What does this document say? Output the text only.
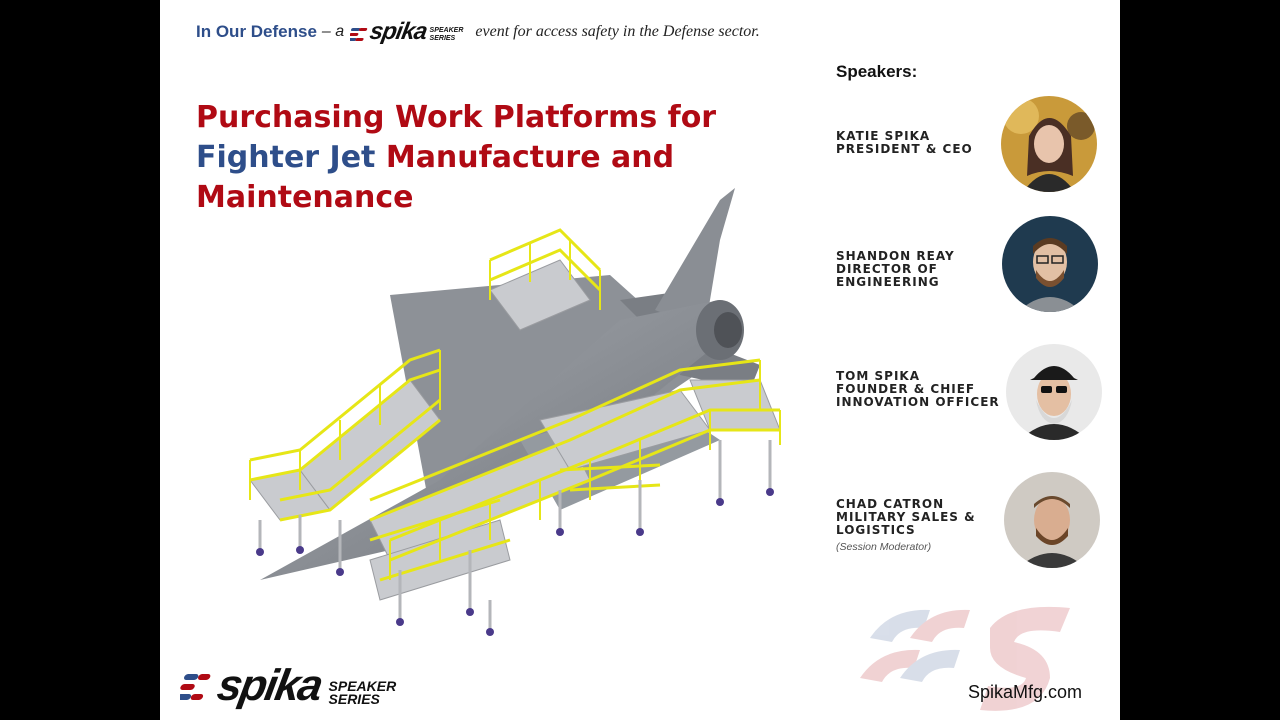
In Our Defense – a spika SPEAKER
SERIES	event for access safety in the Defense sector.
Purchasing Work Platforms for
Fighter Jet Manufacture and
Maintenance
Speakers:
KATIE SPIKA
PRESIDENT & CEO
SHANDON REAY
DIRECTOR OF
ENGINEERING
TOM SPIKA
FOUNDER & CHIEF
INNOVATION OFFICER
CHAD CATRON
MILITARY SALES &
LOGISTICS
(Session Moderator)
spika SPEAKER
SERIES	SpikaMfg.com
